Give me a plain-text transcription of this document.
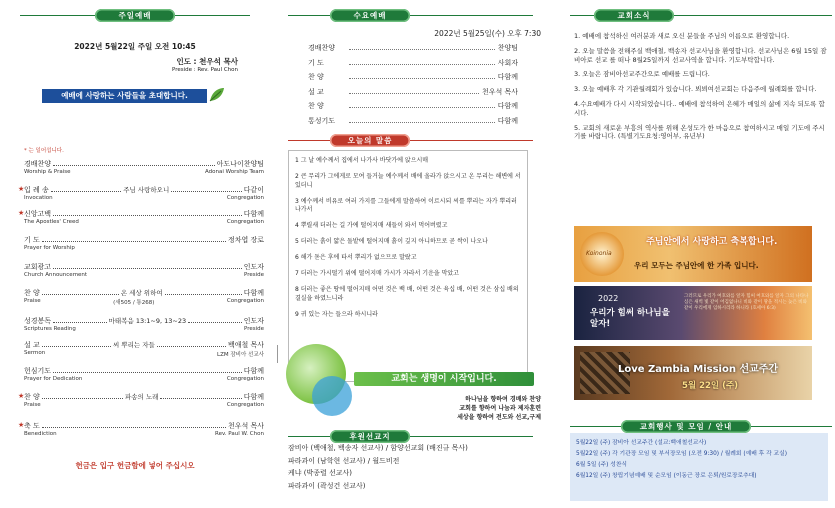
주일예배
2022년 5월22일 주일 오전 10:45
인도 : 천우석 목사
Preside : Rev. Paul Chon
예배에 사랑하는 사람들을 초대합니다.
* 는 일어섭니다.
경배찬양	아도나이찬양팀
Worship & Praise	Adonai Worship Team
★ 입 례 송	주님 사랑하오니	다같이
Invocation	Congregation
★ 신앙고백	다함께
The Apostles' Creed	Congregation
기 도	정차엽 장로
Prayer for Worship
교회광고	인도자
Church Announcement	Preside
찬 양	온 세상 위하여	다함께
Praise	(새505 / 통268)	Congregation
성경봉독	마태복음 13:1~9, 13~23	인도자
Scriptures Reading	Preside
설 교	씨 뿌리는 자들	백애철 목사
Sermon	LZM 잠비아 선교사
헌심기도	다함께
Prayer for Dedication	Congregation
★ 찬 양	파송의 노래	다함께
Praise	Congregation
★ 축 도	천우석 목사
Benediction	Rev. Paul W. Chon
헌금은 입구 헌금함에 넣어 주십시오
수요예배
2022년 5월25일(수) 오후 7:30
경배찬양	찬양팀
기 도	사회자
찬 양	다함께
설 교	천우석 목사
찬 양	다함께
통성기도	다함께
오늘의 말씀

1 그 날 예수께서 집에서 나가사 바닷가에 앉으시매

2 큰 무리가 그에게로 모여 들거늘 예수께서 배에 올라가 앉으시고 온 무리는 해변에 서 있더니

3 예수께서 비유로 여러 가지를 그들에게 말씀하여 이르시되 씨를 뿌리는 자가 뿌리러 나가서

4 뿌릴새 더러는 길 가에 떨어지매 새들이 와서 먹어버렸고

5 더러는 흙이 얇은 돌밭에 떨어지매 흙이 깊지 아니하므로 곧 싹이 나오나

6 해가 돋은 후에 타서 뿌리가 없으므로 말랐고

7 더러는 가시떨기 위에 떨어지매 가시가 자라서 기운을 막았고

8 더러는 좋은 땅에 떨어지매 어떤 것은 백 배, 어떤 것은 육십 배, 어떤 것은 삼십 배의 결실을 하였느니라

9 귀 있는 자는 들으라 하시니라

교회는 생명이 시작입니다.
하나님을 향하여 경배와 찬양
교회를 향하여 나눔과 제자훈련
세상을 향하여 전도와 선교,구제
후원선교지

잠비아 (백애철, 백송자 선교사) / 함양선교회 (배진규 목사)

파라과이 (남학현 선교사) / 월드비전

케냐 (박종렬 선교사)

파라과이 (곽성건 선교사)

교회소식

1. 예배에 참석하신 여러분과 새로 오신 분들을 주님의 이름으로 환영합니다.

2. 오늘 말씀을 전해주실 백애철, 백송자 선교사님을 환영합니다. 선교사님은 6월 15일 잠비아로 선교 를 떠나 8월25일까지 선교사역을 합니다. 기도부탁합니다.

3. 오늘은 잠비아선교주간으로 예배를 드립니다.

3. 오늘 예배후 각 기관월례회가 있습니다. 뵈뵈여선교회는 다음주에 월례회를 합니다.

4.수요예배가 다시 시작되었습니다.. 예배에 참석하여 은혜가 매일의 삶에 지속 되도록 합시다.

5. 교회의 새로운 부흥의 역사를 위해 온성도가 한 마음으로 참여하시고 매일 기도에 주시기를 바랍니다. (특별기도요청:영어부, 유년부)

Koinonia
주님안에서 사랑하고 축복합니다.
우리 모두는 주님안에 한 가족 입니다.
2022
우리가 힘써 하나님을 알자!
그러므로 우리가 여호와를 알자 힘써 여호와를 알자 그의 나타나심은 새벽 빛 같이 어김없나니 비와 같이 땅을 적시는 늦은 비와 같이 우리에게 임하시리라 하니라 (호세아 6:3)
Love Zambia Mission 선교주간
5월 22일 (주)
교회행사 및 모임 / 안내

5월22일 (주) 잠비아 선교주간 (설교:백애철선교사)

5월22일 (주) 각 기관장 모임 및 부서장모임 (오전 9:30) / 월례회 (예배 후 각 교실)

6월 5일 (주) 성찬식

6월12일 (주) 창립기념예배 및 순모임 (이동근 장로 은퇴/원로장로추대)
